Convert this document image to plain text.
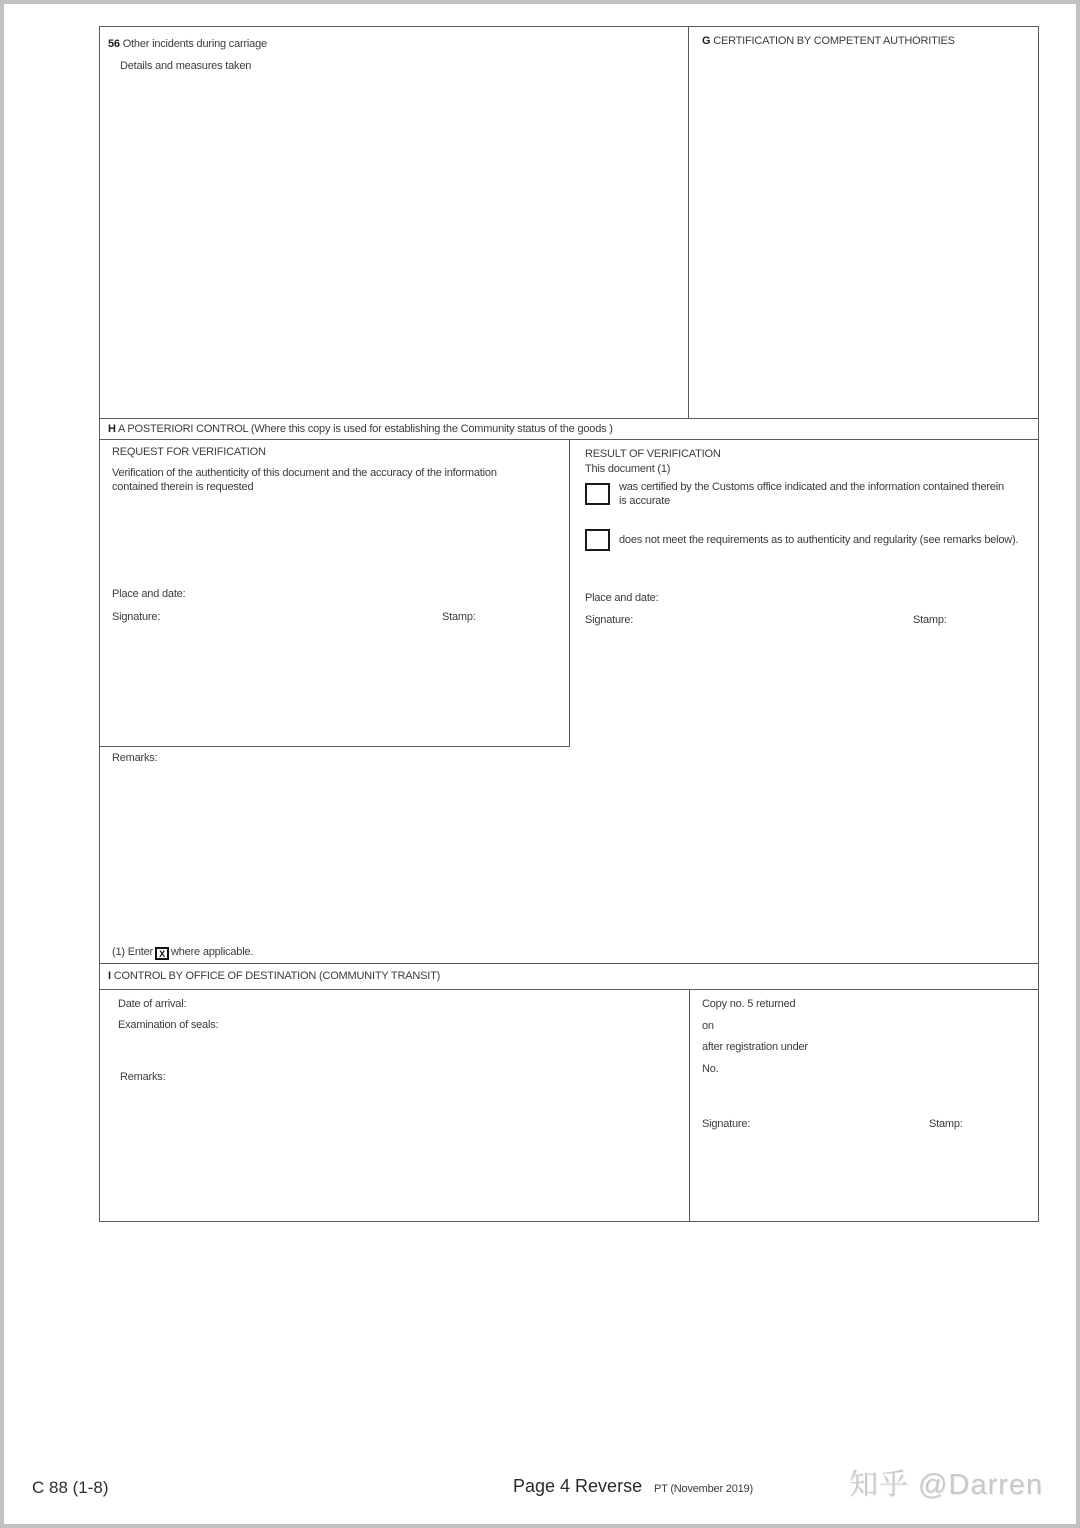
56 Other incidents during carriage
Details and measures taken
G CERTIFICATION BY COMPETENT AUTHORITIES
H A POSTERIORI CONTROL (Where this copy is used for establishing the Community status of the goods )
REQUEST FOR VERIFICATION
Verification of the authenticity of this document and the accuracy of the information contained therein is requested
Place and date:
Signature:	Stamp:
RESULT OF VERIFICATION
This document (1)
was certified by the Customs office indicated and the information contained therein is accurate
does not meet the requirements as to authenticity and regularity (see remarks below).
Place and date:
Signature:	Stamp:
Remarks:
(1) Enter X where applicable.
I CONTROL BY OFFICE OF DESTINATION (COMMUNITY TRANSIT)
Date of arrival:
Examination of seals:
Remarks:
Copy no. 5 returned
on
after registration under
No.
Signature:	Stamp:
C 88 (1-8)	Page 4 Reverse PT (November 2019)	知乎 @Darren
